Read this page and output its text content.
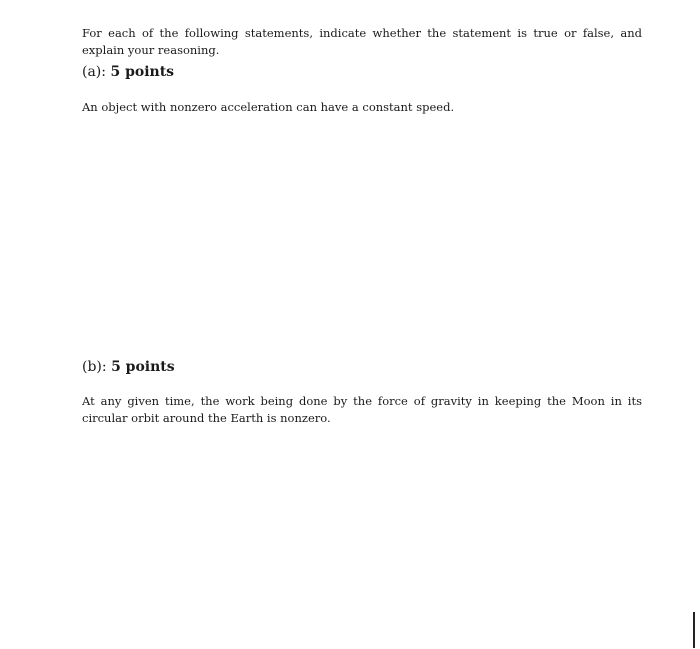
For each of the following statements, indicate whether the statement is true or false, and explain your reasoning.

(a): 5 points

An object with nonzero acceleration can have a constant speed.

(b): 5 points

At any given time, the work being done by the force of gravity in keeping the Moon in its circular orbit around the Earth is nonzero.
